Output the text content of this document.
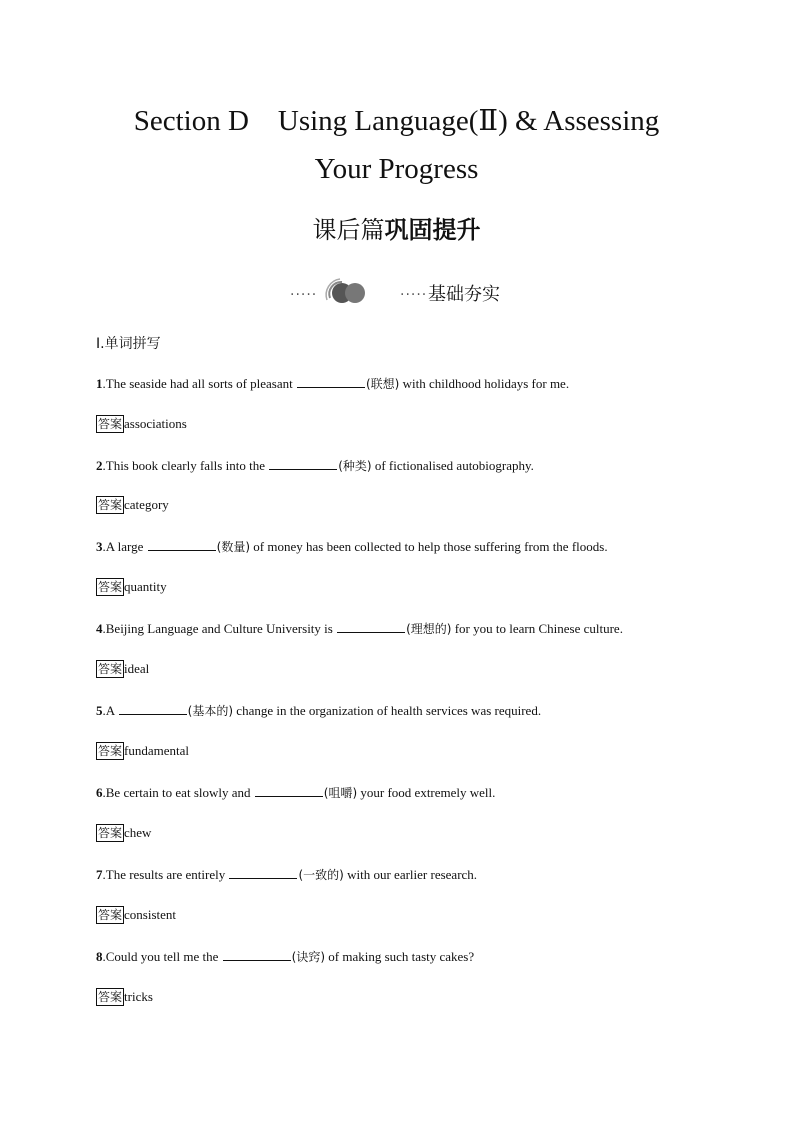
Section D　Using Language(Ⅱ) & Assessing
Your Progress
课后篇巩固提升
·····	····· 基础夯实
Ⅰ.单词拼写
1.The seaside had all sorts of pleasant	(联想) with childhood holidays for me.
答案 associations
2.This book clearly falls into the	(种类) of fictionalised autobiography.
答案 category
3.A large	(数量) of money has been collected to help those suffering from the floods.
答案 quantity
4.Beijing Language and Culture University is	(理想的) for you to learn Chinese culture.
答案 ideal
5.A	(基本的) change in the organization of health services was required.
答案 fundamental
6.Be certain to eat slowly and	(咀嚼) your food extremely well.
答案 chew
7.The results are entirely	(一致的) with our earlier research.
答案 consistent
8.Could you tell me the	(诀窍) of making such tasty cakes?
答案 tricks
